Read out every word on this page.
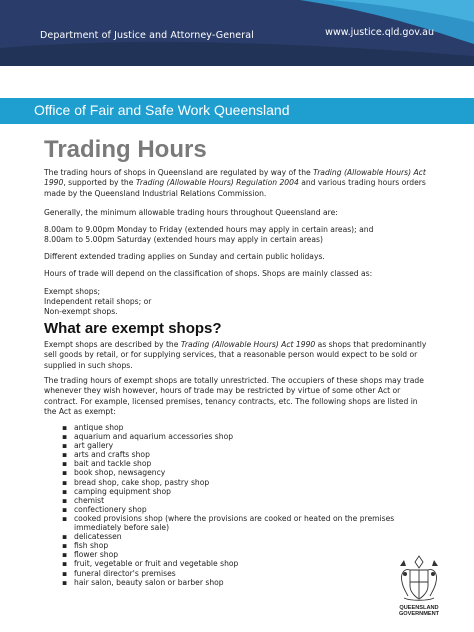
Department of Justice and Attorney-General	www.justice.qld.gov.au
Office of Fair and Safe Work Queensland
Trading Hours
The trading hours of shops in Queensland are regulated by way of the Trading (Allowable Hours) Act 1990, supported by the Trading (Allowable Hours) Regulation 2004 and various trading hours orders made by the Queensland Industrial Relations Commission.
Generally, the minimum allowable trading hours throughout Queensland are:
8.00am to 9.00pm Monday to Friday (extended hours may apply in certain areas); and
8.00am to 5.00pm Saturday (extended hours may apply in certain areas)
Different extended trading applies on Sunday and certain public holidays.
Hours of trade will depend on the classification of shops. Shops are mainly classed as:
Exempt shops;
Independent retail shops; or
Non-exempt shops.
What are exempt shops?
Exempt shops are described by the Trading (Allowable Hours) Act 1990 as shops that predominantly sell goods by retail, or for supplying services, that a reasonable person would expect to be sold or supplied in such shops.
The trading hours of exempt shops are totally unrestricted. The occupiers of these shops may trade whenever they wish however, hours of trade may be restricted by virtue of some other Act or contract. For example, licensed premises, tenancy contracts, etc. The following shops are listed in the Act as exempt:
▪ antique shop
▪ aquarium and aquarium accessories shop
▪ art gallery
▪ arts and crafts shop
▪ bait and tackle shop
▪ book shop, newsagency
▪ bread shop, cake shop, pastry shop
▪ camping equipment shop
▪ chemist
▪ confectionery shop
▪ cooked provisions shop (where the provisions are cooked or heated on the premises immediately before sale)
▪ delicatessen
▪ fish shop
▪ flower shop
▪ fruit, vegetable or fruit and vegetable shop
▪ funeral director's premises
▪ hair salon, beauty salon or barber shop
QUEENSLAND
GOVERNMENT
